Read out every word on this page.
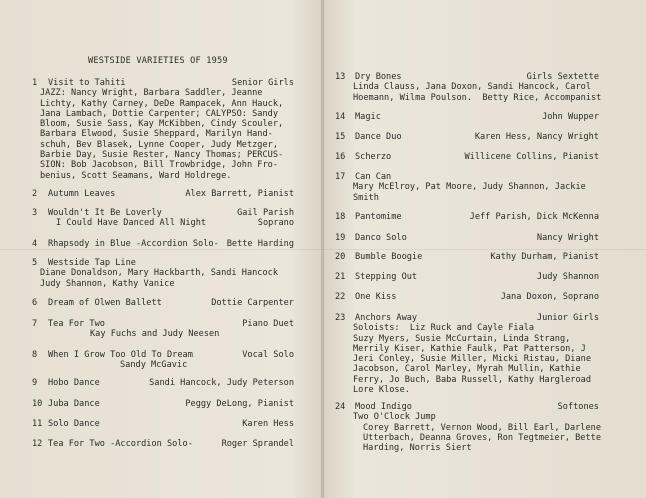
WESTSIDE VARIETIES OF 1959
1 Visit to Tahiti	Senior Girls
JAZZ: Nancy Wright, Barbara Saddler, Jeanne
Lichty, Kathy Carney, DeDe Rampacek, Ann Hauck,
Jana Lambach, Dottie Carpenter; CALYPSO: Sandy
Bloom, Susie Sass, Kay McKibben, Cindy Scouler,
Barbara Elwood, Susie Sheppard, Marilyn Hand-
schuh, Bev Blasek, Lynne Cooper, Judy Metzger,
Barbie Day, Susie Rester, Nancy Thomas; PERCUS-
SION: Bob Jacobson, Bill Trowbridge, John Fro-
benius, Scott Seamans, Ward Holdrege.
2 Autumn Leaves	Alex Barrett, Pianist
3 Wouldn't It Be Loverly	Gail Parish
I Could Have Danced All Night	Soprano
4 Rhapsody in Blue -Accordion Solo- Bette Harding
5 Westside Tap Line
Diane Donaldson, Mary Hackbarth, Sandi Hancock
Judy Shannon, Kathy Vanice
6 Dream of Olwen Ballett	Dottie Carpenter
7 Tea For Two	Piano Duet
Kay Fuchs and Judy Neesen
8 When I Grow Too Old To Dream	Vocal Solo
Sandy McGavic
9 Hobo Dance	Sandi Hancock, Judy Peterson
10 Juba Dance	Peggy DeLong, Pianist
11 Solo Dance	Karen Hess
12 Tea For Two -Accordion Solo-	Roger Sprandel
13 Dry Bones	Girls Sextette
Linda Clauss, Jana Doxon, Sandi Hancock, Carol
Hoemann, Wilma Poulson.  Betty Rice, Accompanist
14 Magic	John Wupper
15 Dance Duo	Karen Hess, Nancy Wright
16 Scherzo	Willicene Collins, Pianist
17 Can Can
Mary McElroy, Pat Moore, Judy Shannon, Jackie
Smith
18 Pantomime	Jeff Parish, Dick McKenna
19 Danco Solo	Nancy Wright
20 Bumble Boogie	Kathy Durham, Pianist
21 Stepping Out	Judy Shannon
22 One Kiss	Jana Doxon, Soprano
23 Anchors Away	Junior Girls
Soloists:  Liz Ruck and Cayle Fiala
Suzy Myers, Susie McCurtain, Linda Strang,
Merrily Kiser, Kathie Faulk, Pat Patterson, J
Jeri Conley, Susie Miller, Micki Ristau, Diane
Jacobson, Carol Marley, Myrah Mullin, Kathie
Ferry, Jo Buch, Baba Russell, Kathy Hargleroad
Lore Klose.
24 Mood Indigo	Softones
Two O'Clock Jump
Corey Barrett, Vernon Wood, Bill Earl, Darlene
Utterbach, Deanna Groves, Ron Tegtmeier, Bette
Harding, Norris Siert
